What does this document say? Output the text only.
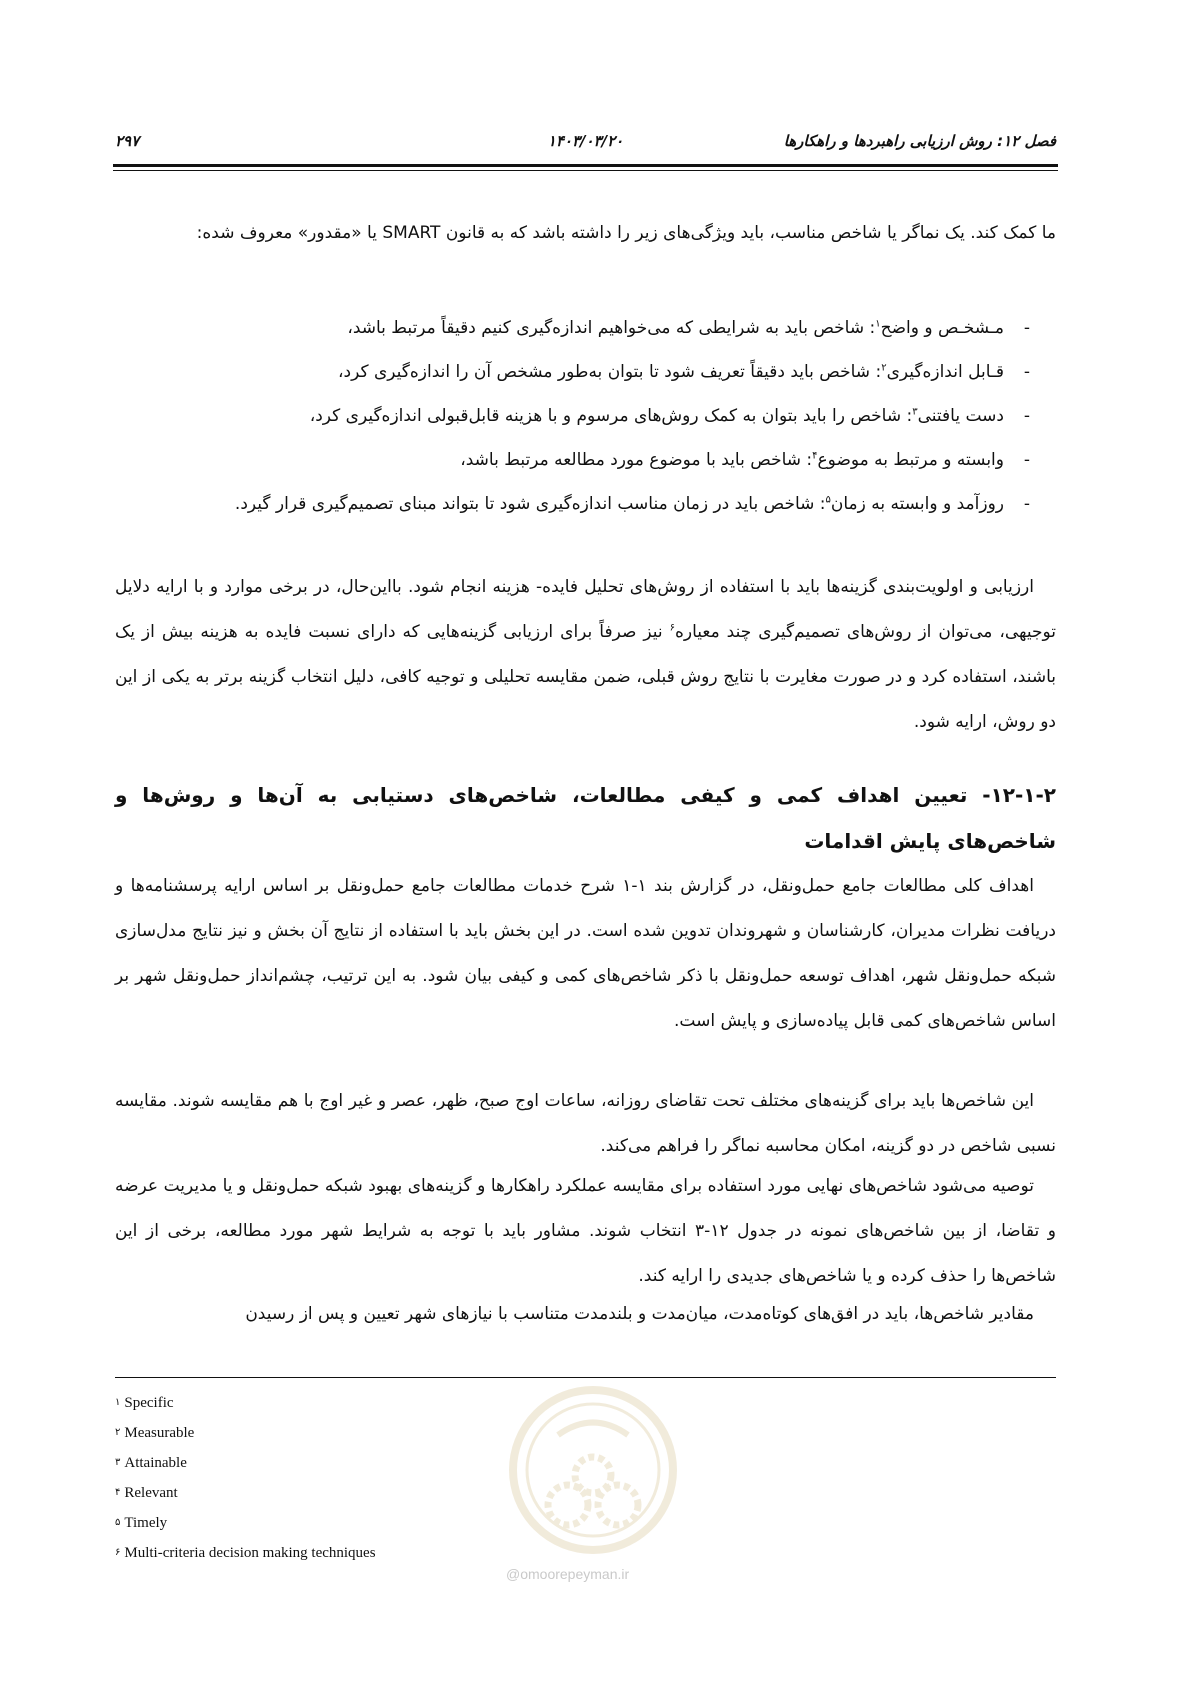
فصل ۱۲: روش ارزیابی راهبردها و راهکارها
۱۴۰۳/۰۳/۲۰
۲۹۷
ما کمک کند. یک نماگر یا شاخص مناسب، باید ویژگی‌های زیر را داشته باشد که به قانون SMART یا «مقدور» معروف شده:
-
مـشخـص و واضح$^۱$: شاخص باید به شرایطی که می‌خواهیم اندازه‌گیری کنیم دقیقاً مرتبط باشد،
-
قـابل اندازه‌گیری$^۲$: شاخص باید دقیقاً تعریف شود تا بتوان به‌طور مشخص آن را اندازه‌گیری کرد،
-
دست یافتنی$^۳$: شاخص را باید بتوان به کمک روش‌های مرسوم و با هزینه قابل‌قبولی اندازه‌گیری کرد،
-
وابسته و مرتبط به موضوع$^۴$: شاخص باید با موضوع مورد مطالعه مرتبط باشد،
-
روزآمد و وابسته به زمان$^۵$: شاخص باید در زمان مناسب اندازه‌گیری شود تا بتواند مبنای تصمیم‌گیری قرار گیرد.
ارزیابی و اولویت‌بندی گزینه‌ها باید با استفاده از روش‌های تحلیل فایده- هزینه انجام شود. بااین‌حال، در برخی موارد و با ارایه دلایل توجیهی، می‌توان از روش‌های تصمیم‌گیری چند معیاره$^۶$ نیز صرفاً برای ارزیابی گزینه‌هایی که دارای نسبت فایده به هزینه بیش از یک باشند، استفاده کرد و در صورت مغایرت با نتایج روش قبلی، ضمن مقایسه تحلیلی و توجیه کافی، دلیل انتخاب گزینه برتر به یکی از این دو روش، ارایه شود.
۱۲-۱-۲- تعیین اهداف کمی و کیفی مطالعات، شاخص‌های دستیابی به آن‌ها و روش‌ها و شاخص‌های پایش اقدامات
اهداف کلی مطالعات جامع حمل‌ونقل، در گزارش بند ۱-۱ شرح خدمات مطالعات جامع حمل‌ونقل بر اساس ارایه پرسشنامه‌ها و دریافت نظرات مدیران، کارشناسان و شهروندان تدوین شده است. در این بخش باید با استفاده از نتایج آن بخش و نیز نتایج مدل‌سازی شبکه حمل‌ونقل شهر، اهداف توسعه حمل‌ونقل با ذکر شاخص‌های کمی و کیفی بیان شود. به این ترتیب، چشم‌انداز حمل‌ونقل شهر بر اساس شاخص‌های کمی قابل پیاده‌سازی و پایش است.
این شاخص‌ها باید برای گزینه‌های مختلف تحت تقاضای روزانه، ساعات اوج صبح، ظهر، عصر و غیر اوج با هم مقایسه شوند. مقایسه نسبی شاخص در دو گزینه، امکان محاسبه نماگر را فراهم می‌کند.
توصیه می‌شود شاخص‌های نهایی مورد استفاده برای مقایسه عملکرد راهکارها و گزینه‌های بهبود شبکه حمل‌ونقل و یا مدیریت عرضه و تقاضا، از بین شاخص‌های نمونه در جدول ۱۲-۳ انتخاب شوند. مشاور باید با توجه به شرایط شهر مورد مطالعه، برخی از این شاخص‌ها را حذف کرده و یا شاخص‌های جدیدی را ارایه کند.
مقادیر شاخص‌ها، باید در افق‌های کوتاه‌مدت، میان‌مدت و بلندمدت متناسب با نیازهای شهر تعیین و پس از رسیدن
$^۱$ Specific
$^۲$ Measurable
$^۳$ Attainable
$^۴$ Relevant
$^۵$ Timely
$^۶$ Multi-criteria decision making techniques
@omoorepeyman.ir
